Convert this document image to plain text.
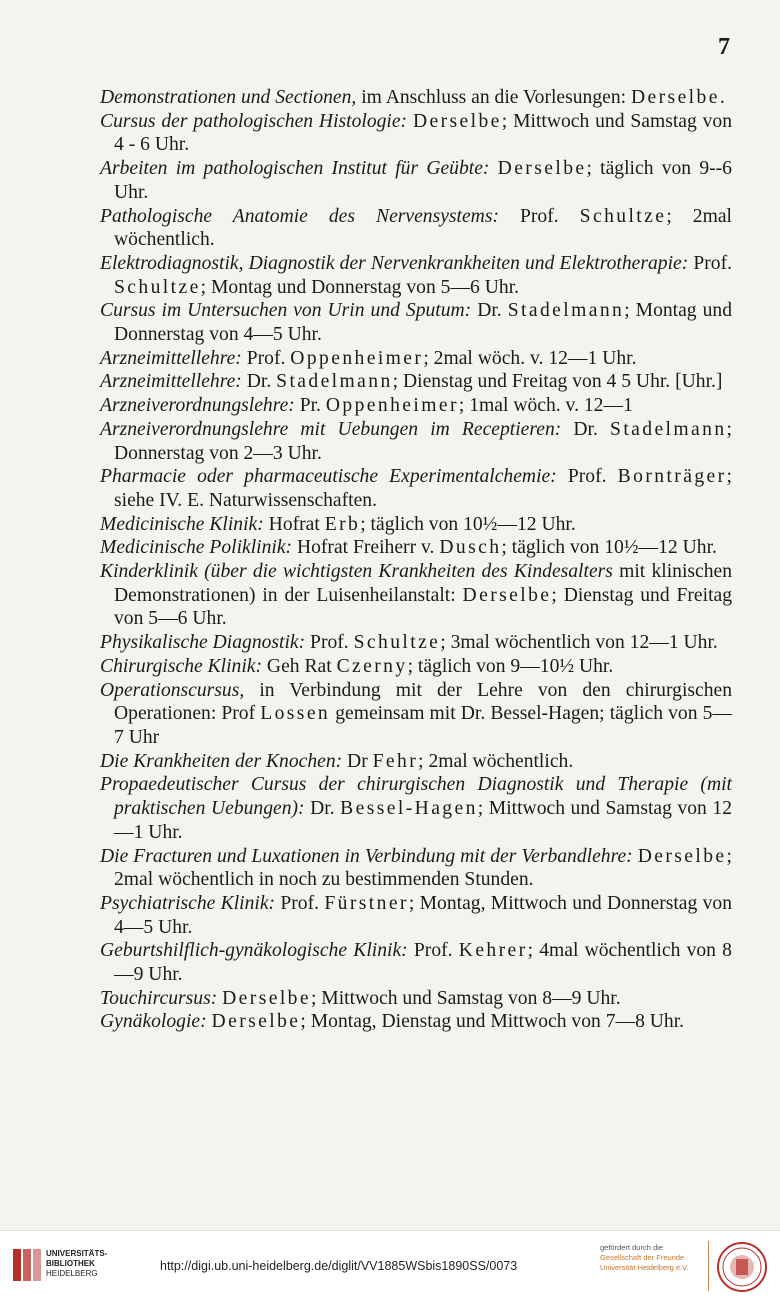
7

Demonstrationen und Sectionen, im Anschluss an die Vorlesungen: Derselbe.

Cursus der pathologischen Histologie: Derselbe; Mittwoch und Samstag von 4 - 6 Uhr.

Arbeiten im pathologischen Institut für Geübte: Derselbe; täglich von 9--6 Uhr.

Pathologische Anatomie des Nervensystems: Prof. Schultze; 2mal wöchentlich.

Elektrodiagnostik, Diagnostik der Nervenkrankheiten und Elektrotherapie: Prof. Schultze; Montag und Donnerstag von 5—6 Uhr.

Cursus im Untersuchen von Urin und Sputum: Dr. Stadelmann; Montag und Donnerstag von 4—5 Uhr.

Arzneimittellehre: Prof. Oppenheimer; 2mal wöch. v. 12—1 Uhr.

Arzneimittellehre: Dr. Stadelmann; Dienstag und Freitag von 4 5 Uhr. [Uhr.]

Arzneiverordnungslehre: Pr. Oppenheimer; 1mal wöch. v. 12—1

Arzneiverordnungslehre mit Uebungen im Receptieren: Dr. Stadelmann; Donnerstag von 2—3 Uhr.

Pharmacie oder pharmaceutische Experimentalchemie: Prof. Bornträger; siehe IV. E. Naturwissenschaften.

Medicinische Klinik: Hofrat Erb; täglich von 10½—12 Uhr.

Medicinische Poliklinik: Hofrat Freiherr v. Dusch; täglich von 10½—12 Uhr.

Kinderklinik (über die wichtigsten Krankheiten des Kindesalters mit klinischen Demonstrationen) in der Luisenheilanstalt: Derselbe; Dienstag und Freitag von 5—6 Uhr.

Physikalische Diagnostik: Prof. Schultze; 3mal wöchentlich von 12—1 Uhr.

Chirurgische Klinik: Geh Rat Czerny; täglich von 9—10½ Uhr.

Operationscursus, in Verbindung mit der Lehre von den chirurgischen Operationen: Prof Lossen gemeinsam mit Dr. Bessel-Hagen; täglich von 5—7 Uhr

Die Krankheiten der Knochen: Dr Fehr; 2mal wöchentlich.

Propaedeutischer Cursus der chirurgischen Diagnostik und Therapie (mit praktischen Uebungen): Dr. Bessel-Hagen; Mittwoch und Samstag von 12—1 Uhr.

Die Fracturen und Luxationen in Verbindung mit der Verbandlehre: Derselbe; 2mal wöchentlich in noch zu bestimmenden Stunden.

Psychiatrische Klinik: Prof. Fürstner; Montag, Mittwoch und Donnerstag von 4—5 Uhr.

Geburtshilflich-gynäkologische Klinik: Prof. Kehrer; 4mal wöchentlich von 8—9 Uhr.

Touchircursus: Derselbe; Mittwoch und Samstag von 8—9 Uhr.

Gynäkologie: Derselbe; Montag, Dienstag und Mittwoch von 7—8 Uhr.

UNIVERSITÄTS-
BIBLIOTHEK
HEIDELBERG
http://digi.ub.uni-heidelberg.de/diglit/VV1885WSbis1890SS/0073
gefördert durch die
Gesellschaft der Freunde
Universität Heidelberg e.V.
